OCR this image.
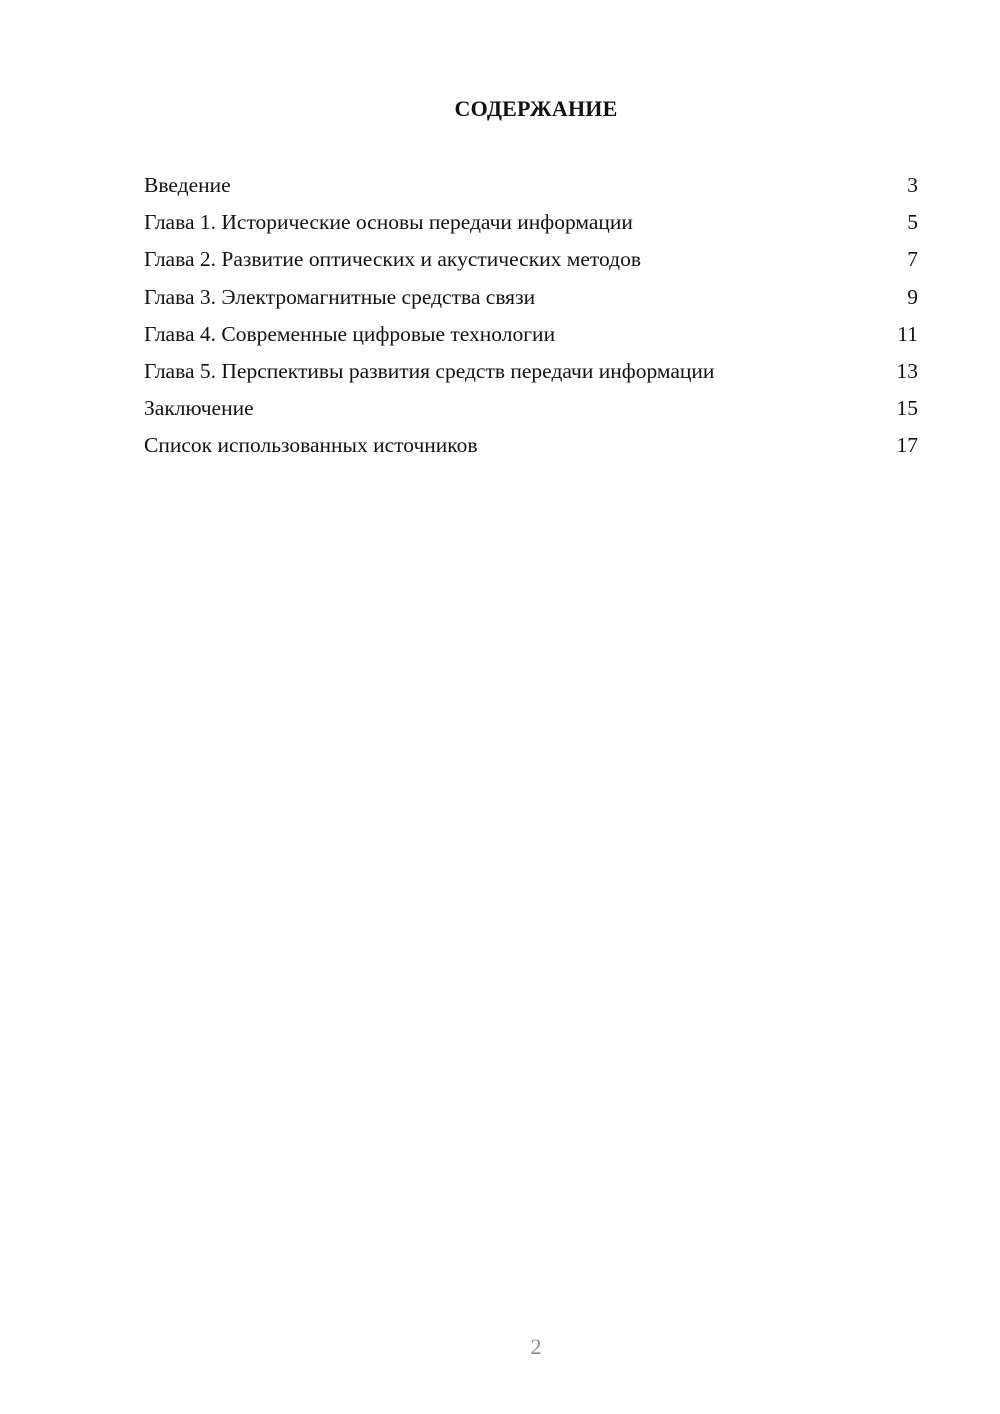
СОДЕРЖАНИЕ
Введение	3
Глава 1. Исторические основы передачи информации	5
Глава 2. Развитие оптических и акустических методов	7
Глава 3. Электромагнитные средства связи	9
Глава 4. Современные цифровые технологии	11
Глава 5. Перспективы развития средств передачи информации	13
Заключение	15
Список использованных источников	17
2
